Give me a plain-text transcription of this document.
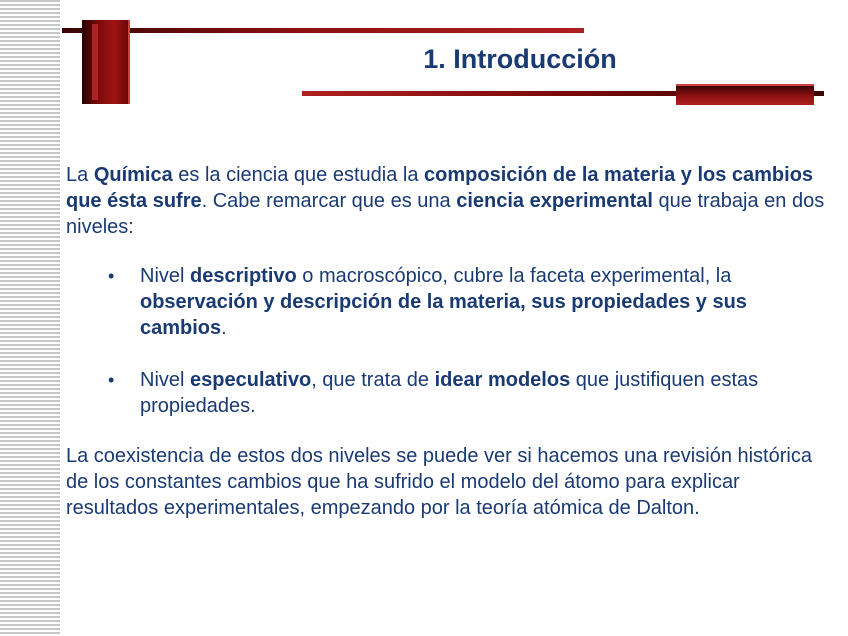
1. Introducción

La Química es la ciencia que estudia la composición de la materia y los cambios que ésta sufre. Cabe remarcar que es una ciencia experimental que trabaja en dos niveles:

• Nivel descriptivo o macroscópico, cubre la faceta experimental, la observación y descripción de la materia, sus propiedades y sus cambios.
• Nivel especulativo, que trata de idear modelos que justifiquen estas propiedades.

La coexistencia de estos dos niveles se puede ver si hacemos una revisión histórica de los constantes cambios que ha sufrido el modelo del átomo para explicar resultados experimentales, empezando por la teoría atómica de Dalton.
